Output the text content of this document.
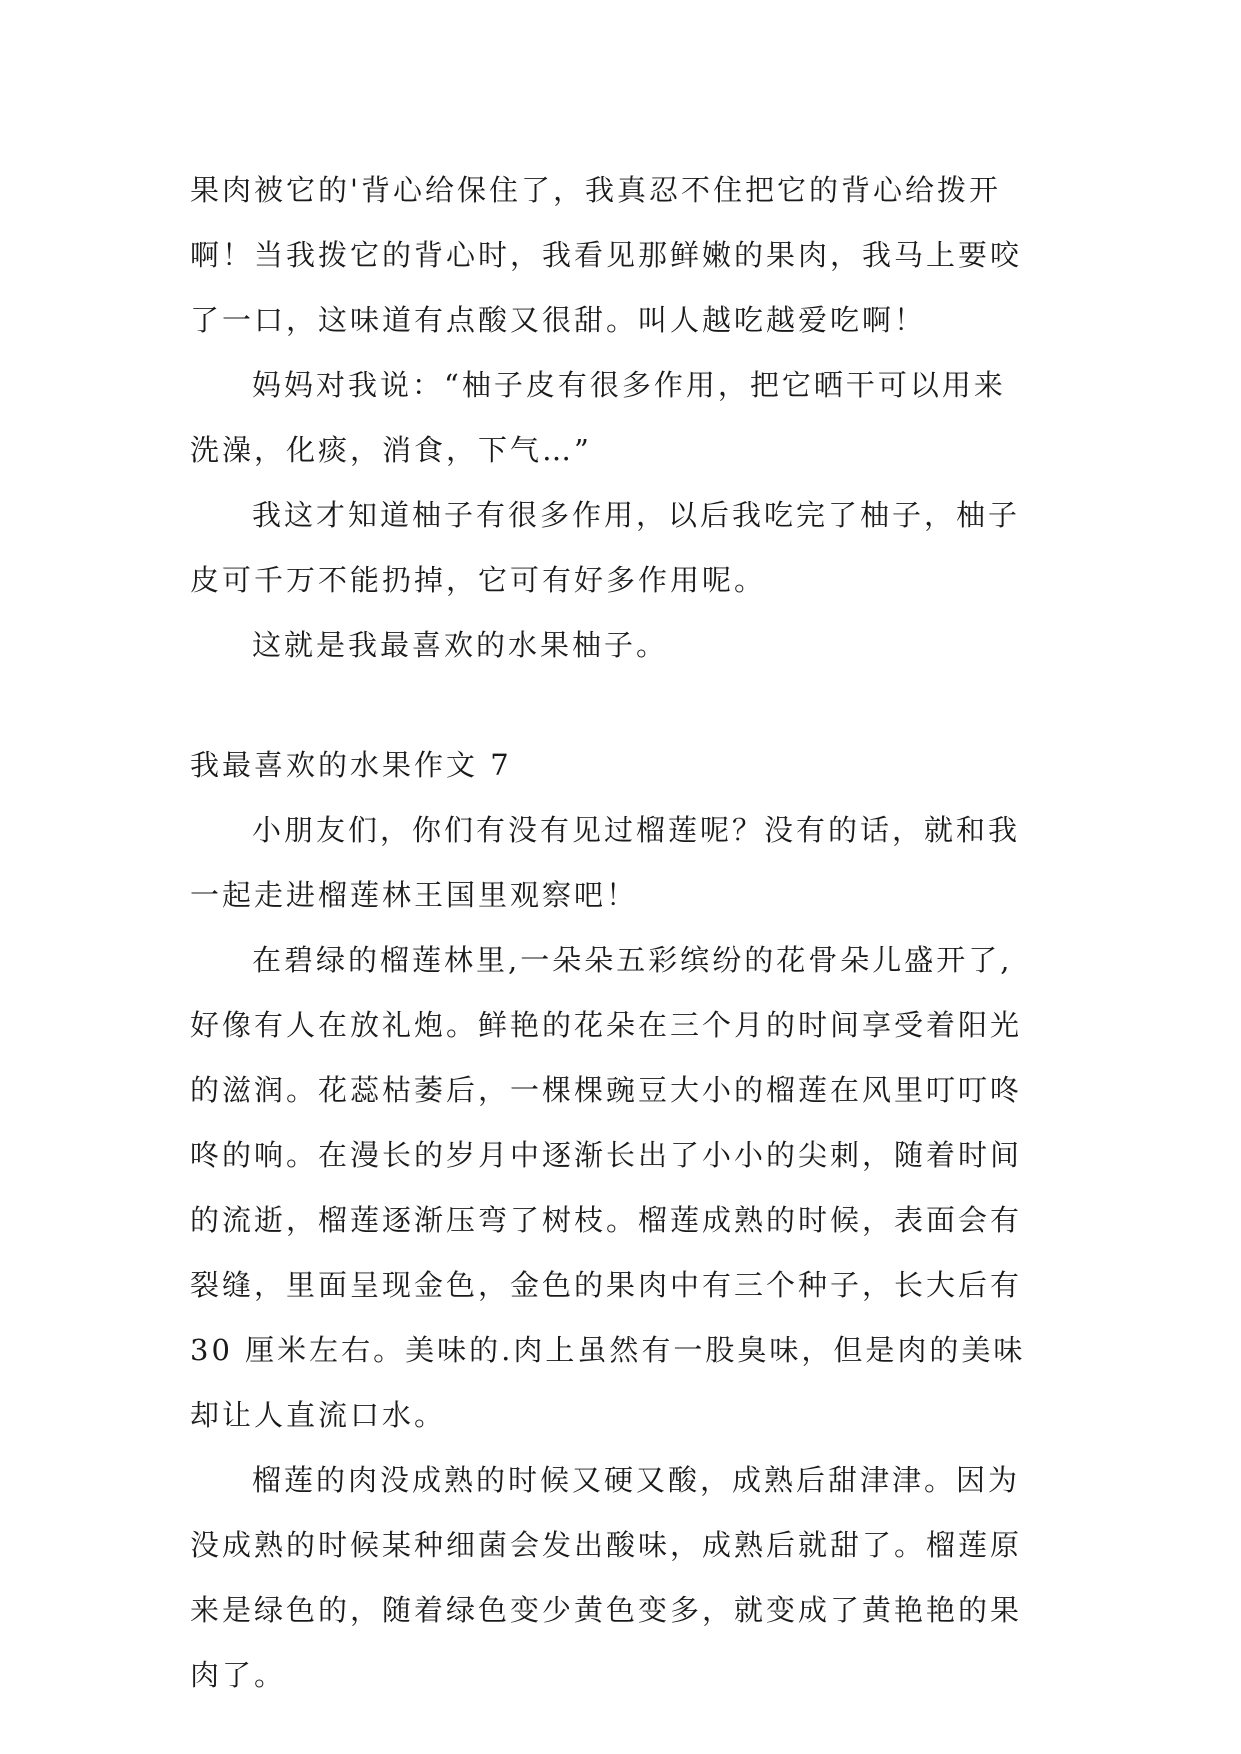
果肉被它的'背心给保住了，我真忍不住把它的背心给拨开
啊！当我拨它的背心时，我看见那鲜嫩的果肉，我马上要咬
了一口，这味道有点酸又很甜。叫人越吃越爱吃啊！
妈妈对我说：“柚子皮有很多作用，把它晒干可以用来
洗澡，化痰，消食，下气…”
我这才知道柚子有很多作用，以后我吃完了柚子，柚子
皮可千万不能扔掉，它可有好多作用呢。
这就是我最喜欢的水果柚子。
我最喜欢的水果作文 7
小朋友们，你们有没有见过榴莲呢？没有的话，就和我
一起走进榴莲林王国里观察吧！
在碧绿的榴莲林里,一朵朵五彩缤纷的花骨朵儿盛开了,
好像有人在放礼炮。鲜艳的花朵在三个月的时间享受着阳光
的滋润。花蕊枯萎后，一棵棵豌豆大小的榴莲在风里叮叮咚
咚的响。在漫长的岁月中逐渐长出了小小的尖刺，随着时间
的流逝，榴莲逐渐压弯了树枝。榴莲成熟的时候，表面会有
裂缝，里面呈现金色，金色的果肉中有三个种子，长大后有
30 厘米左右。美味的.肉上虽然有一股臭味，但是肉的美味
却让人直流口水。
榴莲的肉没成熟的时候又硬又酸，成熟后甜津津。因为
没成熟的时候某种细菌会发出酸味，成熟后就甜了。榴莲原
来是绿色的，随着绿色变少黄色变多，就变成了黄艳艳的果
肉了。
